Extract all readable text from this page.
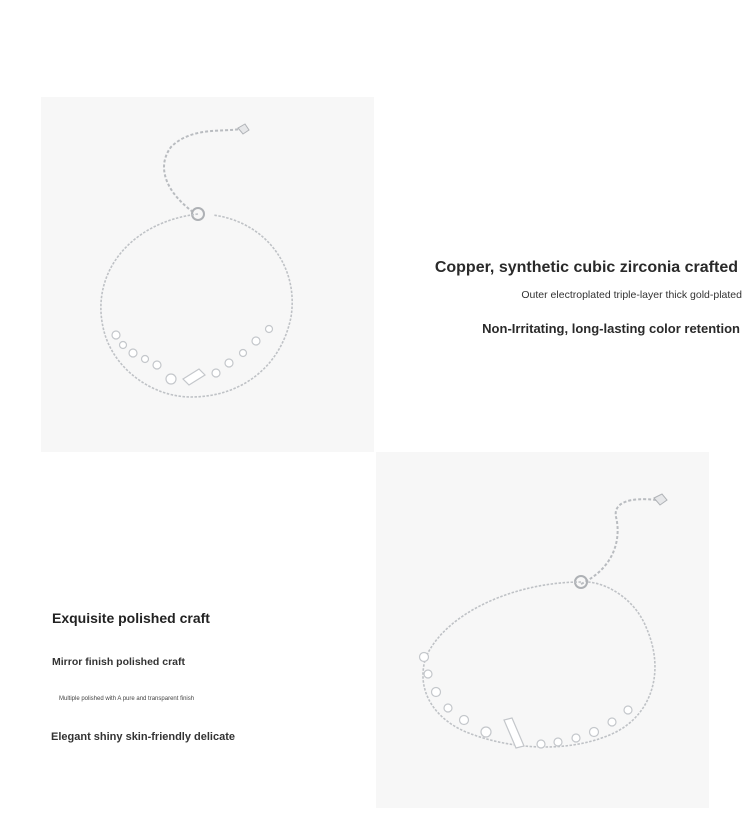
Copper, synthetic cubic zirconia crafted
Outer electroplated triple-layer thick gold-plated
Non-Irritating, long-lasting color retention
Exquisite polished craft
Mirror finish polished craft
Multiple polished with A pure and transparent finish
Elegant shiny skin-friendly delicate
